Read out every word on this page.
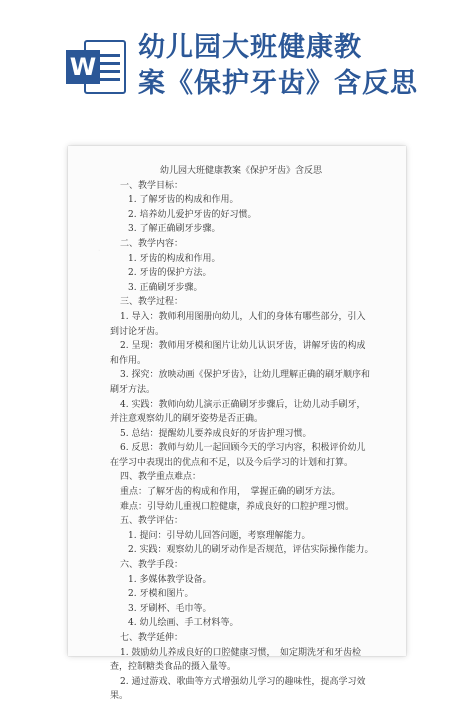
W
幼儿园大班健康教
案《保护牙齿》含反思
·
幼儿园大班健康教案《保护牙齿》含反思
一、教学目标：
1. 了解牙齿的构成和作用。
2. 培养幼儿爱护牙齿的好习惯。
3. 了解正确刷牙步骤。
二、教学内容：
1. 牙齿的构成和作用。
2. 牙齿的保护方法。
3. 正确刷牙步骤。
三、教学过程：
1. 导入：教师利用图册向幼儿，人们的身体有哪些部分，引入到讨论牙齿。
2. 呈现：教师用牙模和图片让幼儿认识牙齿，讲解牙齿的构成和作用。
3. 探究：放映动画《保护牙齿》，让幼儿理解正确的刷牙顺序和刷牙方法。
4. 实践：教师向幼儿演示正确刷牙步骤后，让幼儿动手刷牙，并注意观察幼儿的刷牙姿势是否正确。
5. 总结：提醒幼儿要养成良好的牙齿护理习惯。
6. 反思：教师与幼儿一起回顾今天的学习内容，积极评价幼儿在学习中表现出的优点和不足，以及今后学习的计划和打算。
四、教学重点难点：
重点：了解牙齿的构成和作用，　掌握正确的刷牙方法。
难点：引导幼儿重视口腔健康，养成良好的口腔护理习惯。
五、教学评估：
1. 提问：引导幼儿回答问题，考察理解能力。
2. 实践：观察幼儿的刷牙动作是否规范，评估实际操作能力。
六、教学手段：
1. 多媒体教学设备。
2. 牙模和图片。
3. 牙刷杯、毛巾等。
4. 幼儿绘画、手工材料等。
七、教学延伸：
1. 鼓励幼儿养成良好的口腔健康习惯，　如定期洗牙和牙齿检查，控制糖类食品的摄入量等。
2. 通过游戏、歌曲等方式增强幼儿学习的趣味性，提高学习效果。
